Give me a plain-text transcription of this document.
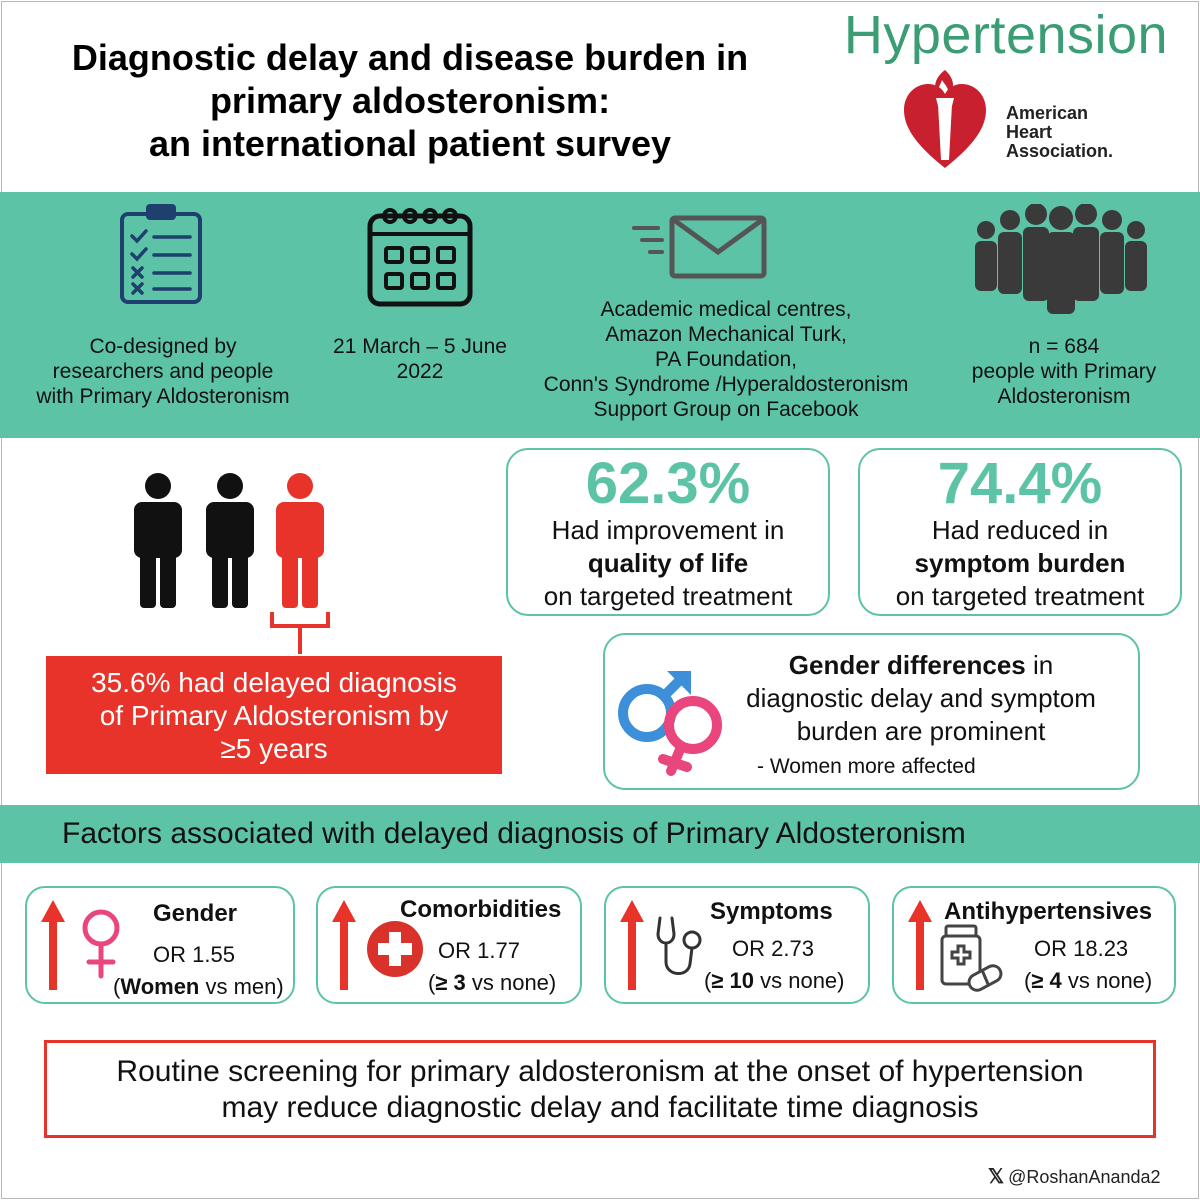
Diagnostic delay and disease burden in
primary aldosteronism:
an international patient survey
Hypertension
American
Heart
Association.
Co-designed by
researchers and people
with Primary Aldosteronism
21 March – 5 June
2022
Academic medical centres,
Amazon Mechanical Turk,
PA Foundation,
Conn's Syndrome /Hyperaldosteronism
Support Group on Facebook
n = 684
people with Primary
Aldosteronism
35.6% had delayed diagnosis
of Primary Aldosteronism by
≥5 years
62.3%
Had improvement in
quality of life
on targeted treatment
74.4%
Had reduced in
symptom burden
on targeted treatment
Gender differences in
diagnostic delay and symptom
burden are prominent
- Women more affected
Factors associated with delayed diagnosis of Primary Aldosteronism
Gender
OR 1.55
(Women vs men)
Comorbidities
OR 1.77
(≥ 3 vs none)
Symptoms
OR 2.73
(≥ 10 vs none)
Antihypertensives
OR 18.23
(≥ 4 vs none)
Routine screening for primary aldosteronism at the onset of hypertension
may reduce diagnostic delay and facilitate time diagnosis
𝕏 @RoshanAnanda2
